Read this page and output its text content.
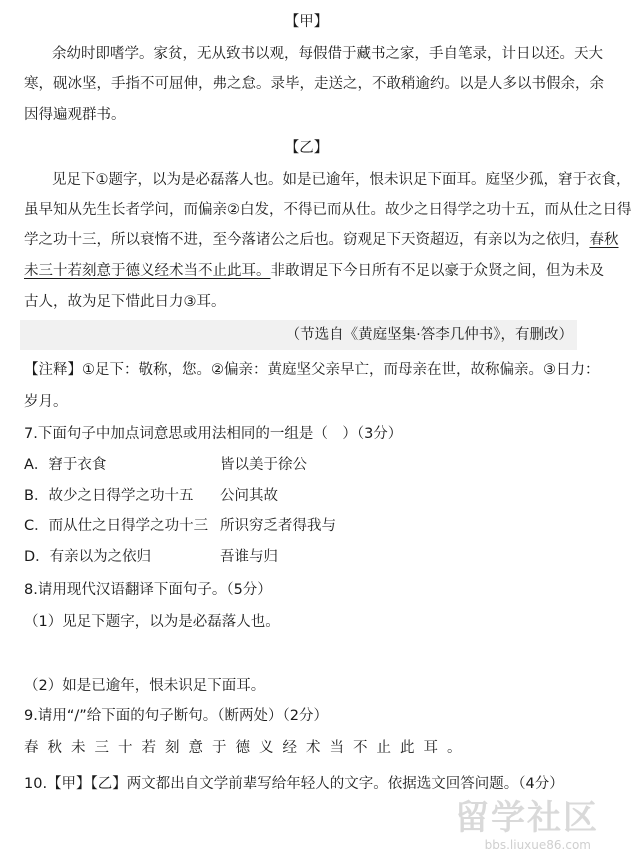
【甲】
余幼时即嗜学。家贫，无从致书以观，每假借于藏书之家，手自笔录，计日以还。天大
寒，砚冰坚，手指不可屈伸，弗之怠。录毕，走送之，不敢稍逾约。以是人多以书假余，余
因得遍观群书。
【乙】
见足下①题字，以为是必磊落人也。如是已逾年，恨未识足下面耳。庭坚少孤，窘于衣食，
虽早知从先生长者学问，而偏亲②白发，不得已而从仕。故少之日得学之功十五，而从仕之日得
学之功十三，所以衰惰不进，至今落诸公之后也。窃观足下天资超迈，有亲以为之依归，春秋
未三十若刻意于德义经术当不止此耳。非敢谓足下今日所有不足以豪于众贤之间，但为未及
古人，故为足下惜此日力③耳。
（节选自《黄庭坚集·答李几仲书》，有删改）
【注释】①足下：敬称，您。②偏亲：黄庭坚父亲早亡，而母亲在世，故称偏亲。③日力：
岁月。
7.下面句子中加点词意思或用法相同的一组是（　）（3分）
A．窘于衣食	皆以美于徐公
B．故少之日得学之功十五 公问其故
C．而从仕之日得学之功十三 所识穷乏者得我与
D．有亲以为之依归	吾谁与归
8.请用现代汉语翻译下面句子。（5分）
（1）见足下题字，以为是必磊落人也。
（2）如是已逾年，恨未识足下面耳。
9.请用“/”给下面的句子断句。（断两处）（2分）
春秋未三十若刻意于德义经术当不止此耳。
10.【甲】【乙】两文都出自文学前辈写给年轻人的文字。依据选文回答问题。（4分）
留学社区
bbs.liuxue86.com
